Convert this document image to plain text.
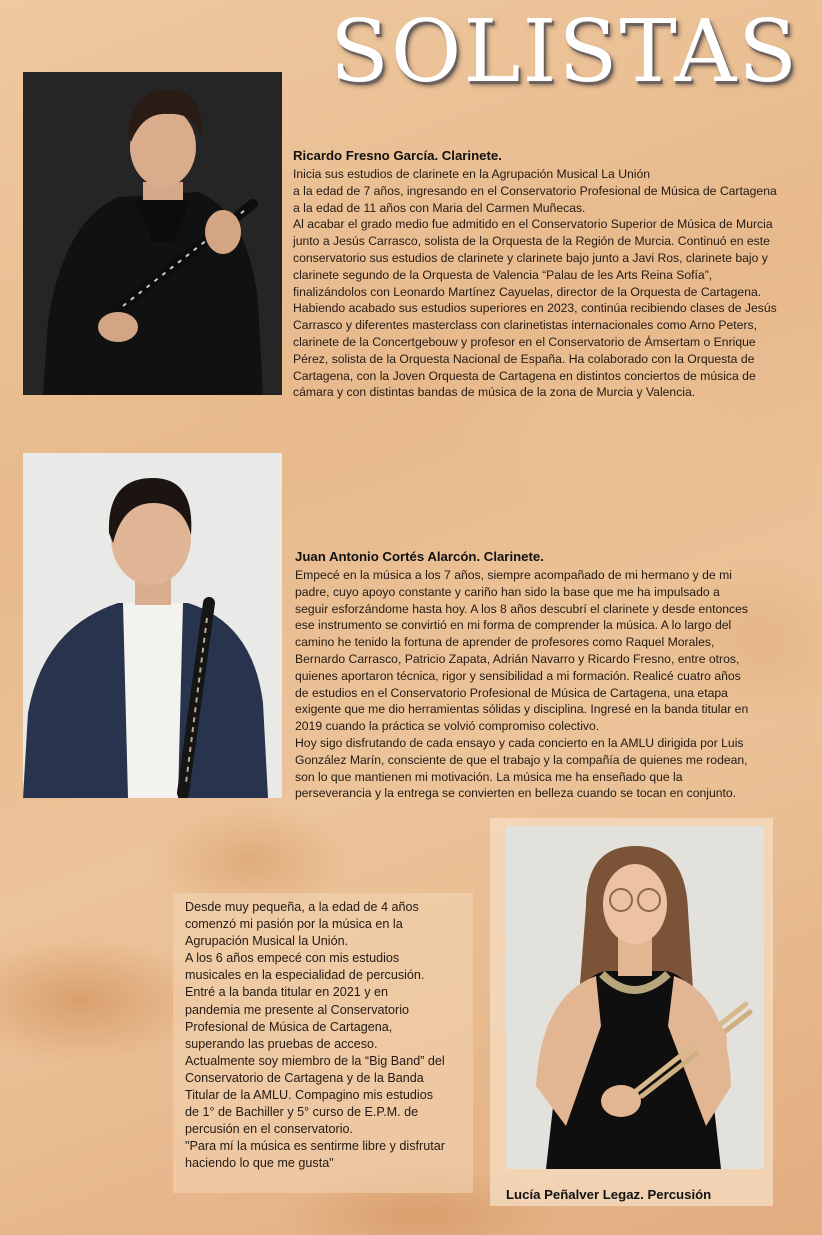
SOLISTAS
Ricardo Fresno García. Clarinete.

Inicia sus estudios de clarinete en la Agrupación Musical La Unión

a la edad de 7 años, ingresando en el Conservatorio Profesional de Música de Cartagena

a la edad de 11 años con Maria del Carmen Muñecas.

Al acabar el grado medio fue admitido en el Conservatorio Superior de Música de Murcia

junto a Jesús Carrasco, solista de la Orquesta de la Región de Murcia. Continuó en este

conservatorio sus estudios de clarinete y clarinete bajo junto a Javi Ros, clarinete bajo y

clarinete segundo de la Orquesta de Valencia “Palau de les Arts Reina Sofía”,

finalizándolos con Leonardo Martínez Cayuelas, director de la Orquesta de Cartagena.

Habiendo acabado sus estudios superiores en 2023, continúa recibiendo clases de Jesús

Carrasco y diferentes masterclass con clarinetistas internacionales como Arno Peters,

clarinete de la Concertgebouw y profesor en el Conservatorio de Ámsertam o Enrique

Pérez, solista de la Orquesta Nacional de España. Ha colaborado con la Orquesta de

Cartagena, con la Joven Orquesta de Cartagena en distintos conciertos de música de

cámara y con distintas bandas de música de la zona de Murcia y Valencia.

Juan Antonio Cortés Alarcón. Clarinete.

Empecé en la música a los 7 años, siempre acompañado de mi hermano y de mi

padre, cuyo apoyo constante y cariño han sido la base que me ha impulsado a

seguir esforzándome hasta hoy. A los 8 años descubrí el clarinete y desde entonces

ese instrumento se convirtió en mi forma de comprender la música. A lo largo del

camino he tenido la fortuna de aprender de profesores como Raquel Morales,

Bernardo Carrasco, Patricio Zapata, Adrián Navarro y Ricardo Fresno, entre otros,

quienes aportaron técnica, rigor y sensibilidad a mi formación. Realicé cuatro años

de estudios en el Conservatorio Profesional de Música de Cartagena, una etapa

exigente que me dio herramientas sólidas y disciplina. Ingresé en la banda titular en

2019 cuando la práctica se volvió compromiso colectivo.

Hoy sigo disfrutando de cada ensayo y cada concierto en la AMLU dirigida por Luis

González Marín, consciente de que el trabajo y la compañía de quienes me rodean,

son lo que mantienen mi motivación. La música me ha enseñado que la

perseverancia y la entrega se convierten en belleza cuando se tocan en conjunto.

Desde muy pequeña, a la edad de 4 años

comenzó mi pasión por la música en la

Agrupación Musical la Unión.

A los 6 años empecé con mis estudios

musicales en la especialidad de percusión.

Entré a la banda titular en 2021 y en

pandemia me presente al Conservatorio

Profesional de Música de Cartagena,

superando las pruebas de acceso.

Actualmente soy miembro de la “Big Band” del

Conservatorio de Cartagena y de la Banda

Titular de la AMLU. Compagino mis estudios

de 1° de Bachiller y 5° curso de E.P.M. de

percusión en el conservatorio.

"Para mí la música es sentirme libre y disfrutar

haciendo lo que me gusta"

Lucía Peñalver Legaz. Percusión
